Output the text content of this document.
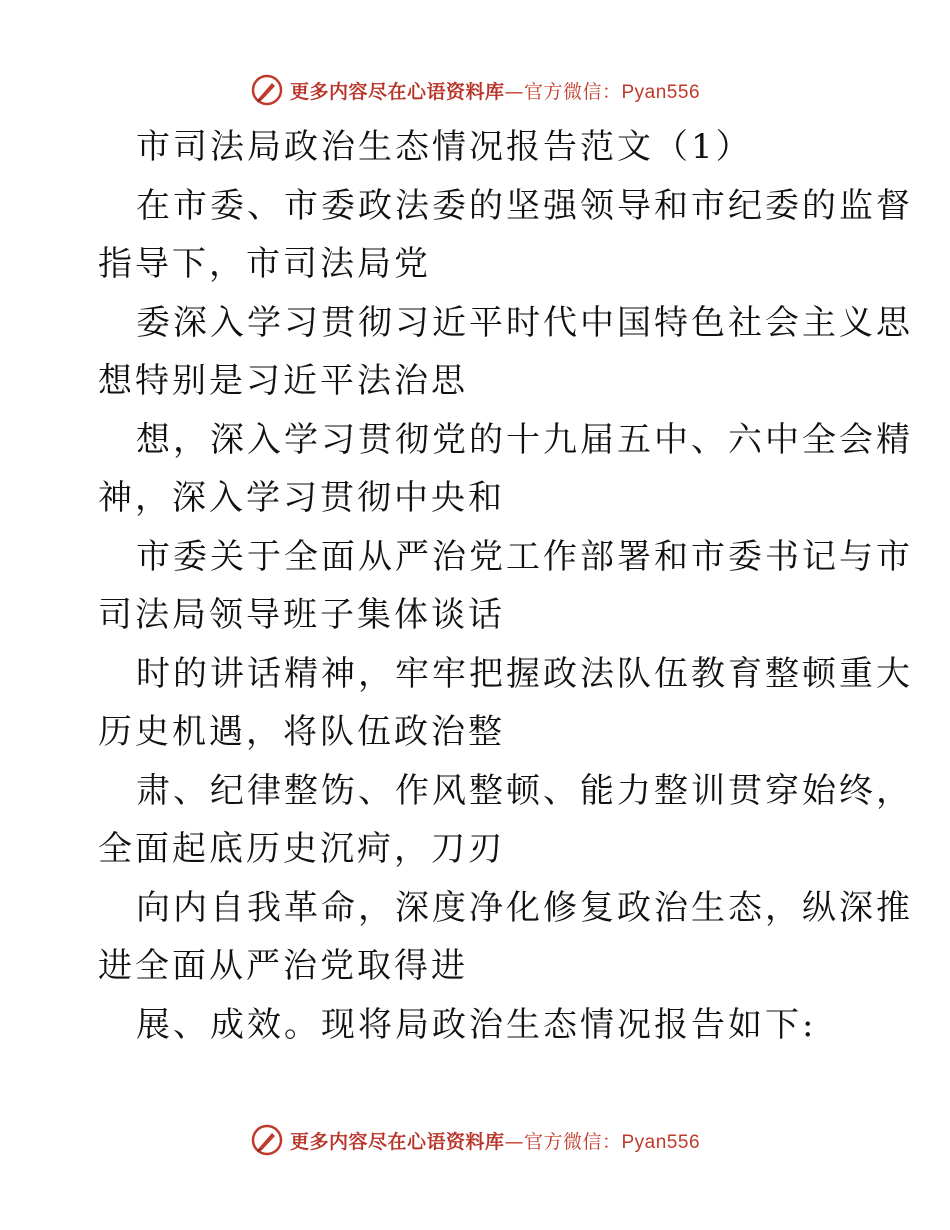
更多内容尽在心语资料库—官方微信：Pyan556
市司法局政治生态情况报告范文（1）
在市委、市委政法委的坚强领导和市纪委的监督
指导下，市司法局党
委深入学习贯彻习近平时代中国特色社会主义思
想特别是习近平法治思
想，深入学习贯彻党的十九届五中、六中全会精
神，深入学习贯彻中央和
市委关于全面从严治党工作部署和市委书记与市
司法局领导班子集体谈话
时的讲话精神，牢牢把握政法队伍教育整顿重大
历史机遇，将队伍政治整
肃、纪律整饬、作风整顿、能力整训贯穿始终，
全面起底历史沉疴，刀刃
向内自我革命，深度净化修复政治生态，纵深推
进全面从严治党取得进
展、成效。现将局政治生态情况报告如下:
更多内容尽在心语资料库—官方微信：Pyan556
